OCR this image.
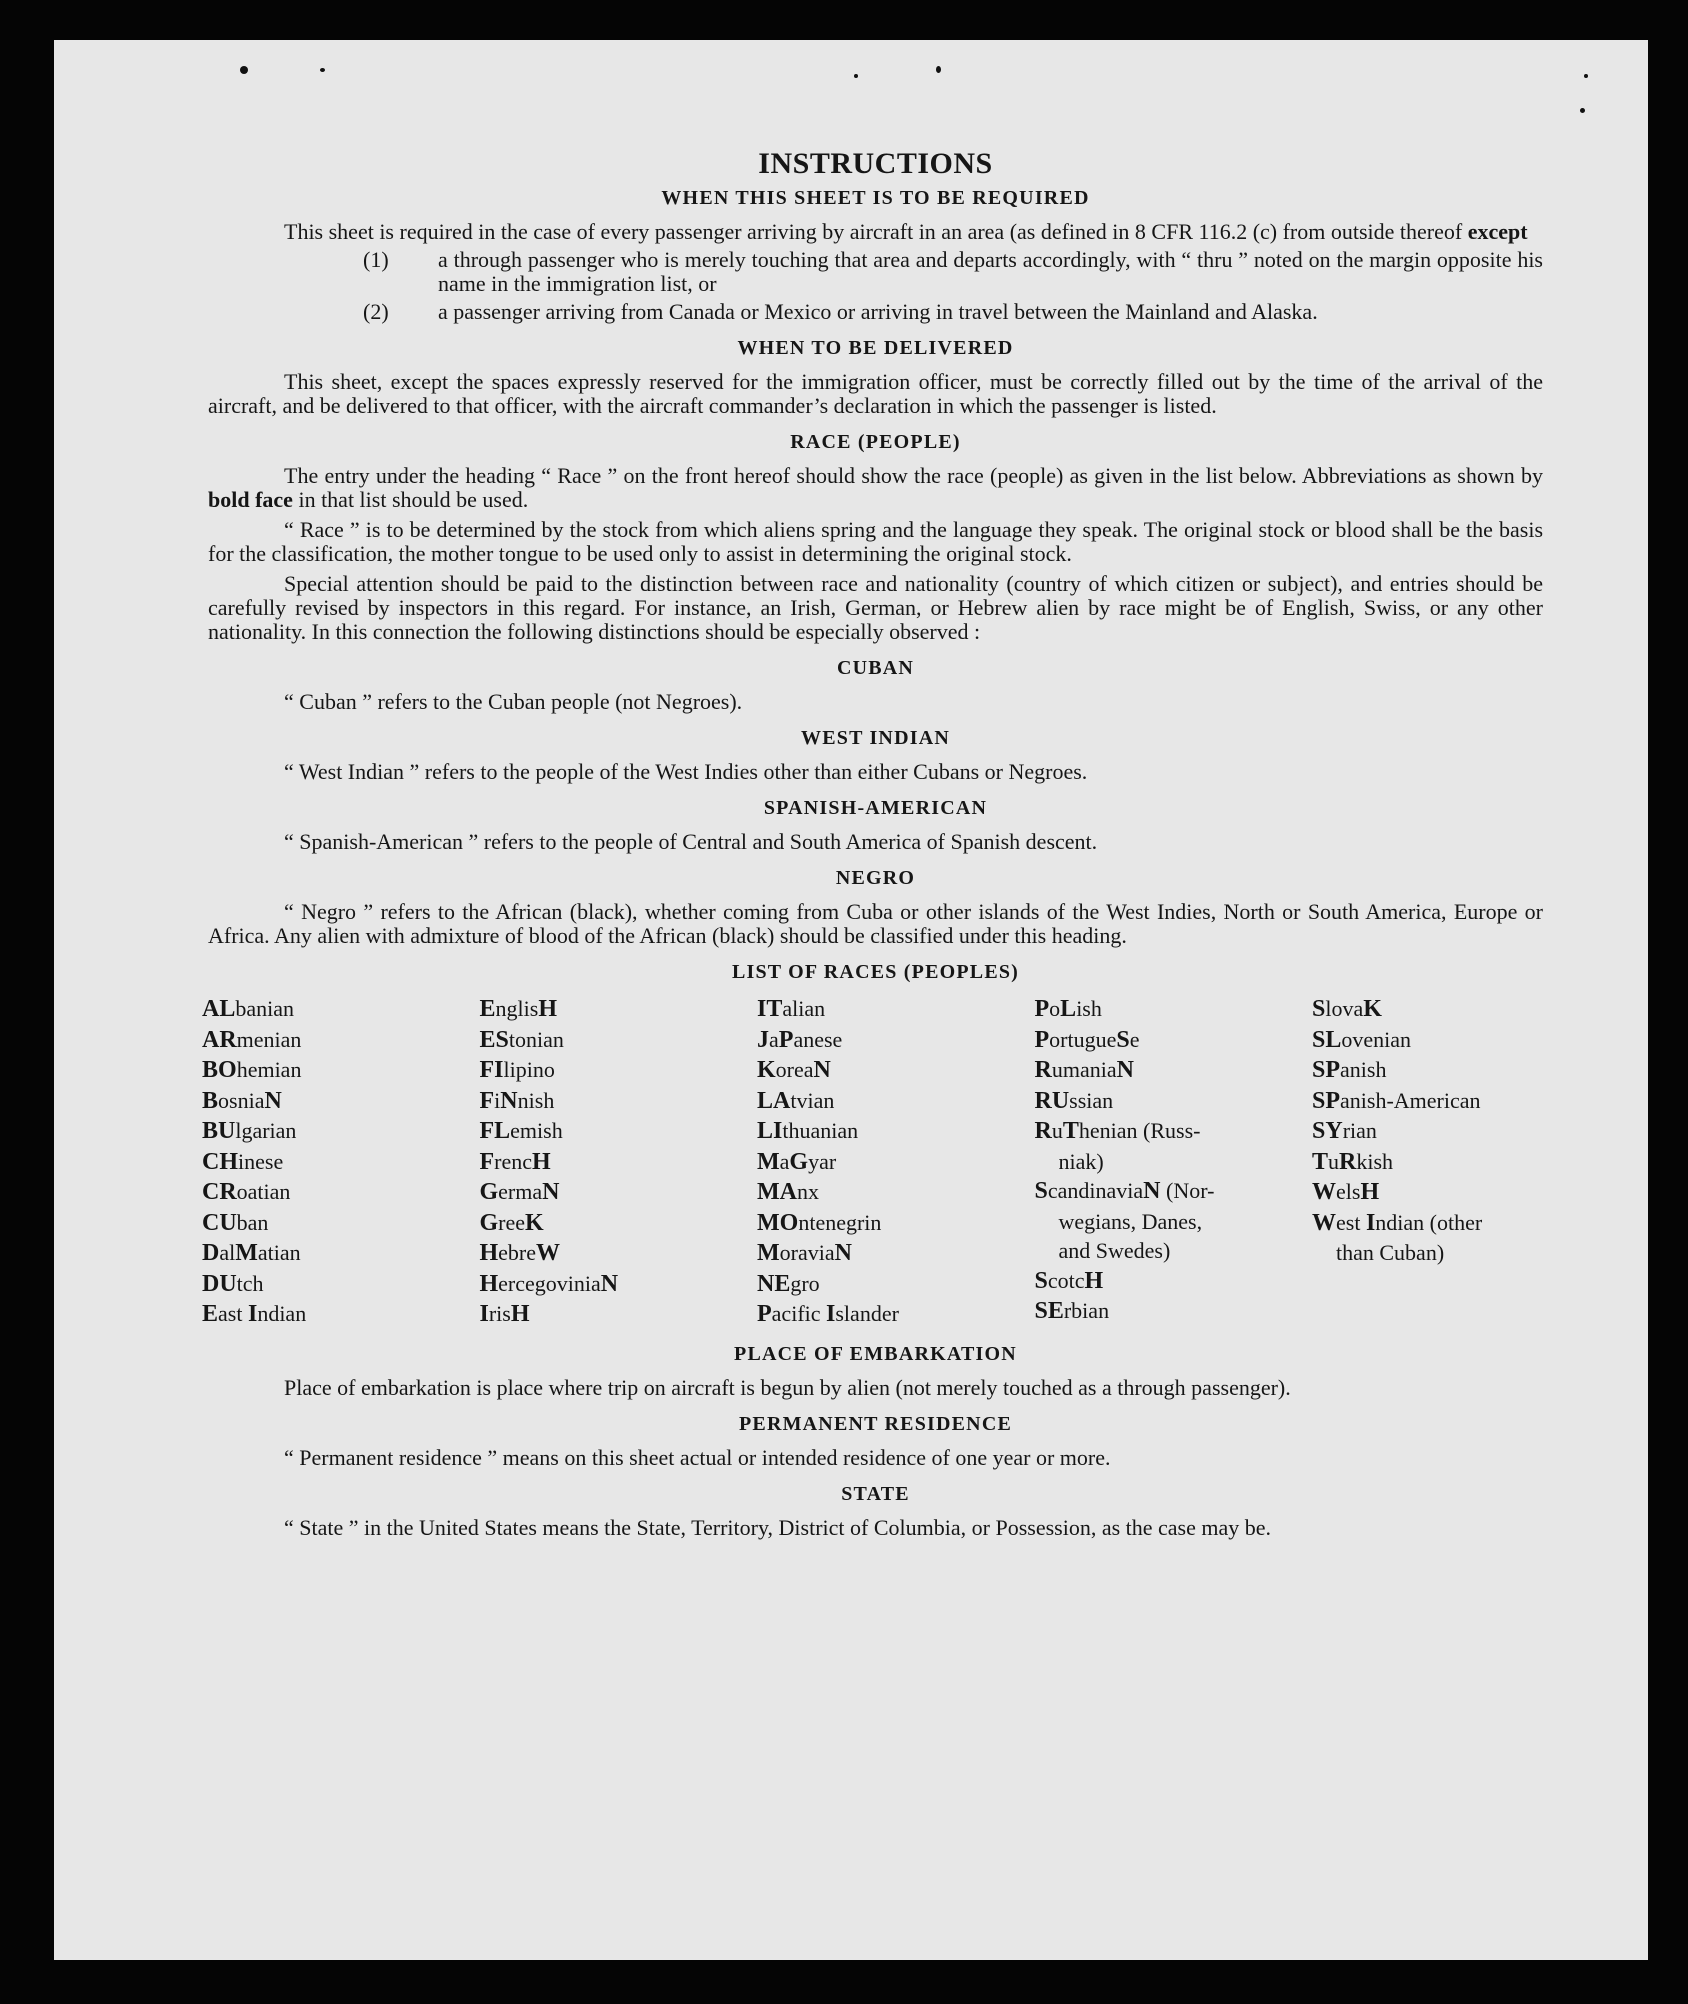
INSTRUCTIONS
WHEN THIS SHEET IS TO BE REQUIRED

This sheet is required in the case of every passenger arriving by aircraft in an area (as defined in 8 CFR 116.2 (c) from outside thereof except

(1) a through passenger who is merely touching that area and departs accordingly, with “ thru ” noted on the margin opposite his name in the immigration list, or
(2) a passenger arriving from Canada or Mexico or arriving in travel between the Mainland and Alaska.
WHEN TO BE DELIVERED

This sheet, except the spaces expressly reserved for the immigration officer, must be correctly filled out by the time of the arrival of the aircraft, and be delivered to that officer, with the aircraft commander’s declaration in which the passenger is listed.

RACE (PEOPLE)

The entry under the heading “ Race ” on the front hereof should show the race (people) as given in the list below. Abbreviations as shown by bold face in that list should be used.

“ Race ” is to be determined by the stock from which aliens spring and the language they speak. The original stock or blood shall be the basis for the classification, the mother tongue to be used only to assist in determining the original stock.

Special attention should be paid to the distinction between race and nationality (country of which citizen or subject), and entries should be carefully revised by inspectors in this regard. For instance, an Irish, German, or Hebrew alien by race might be of English, Swiss, or any other nationality. In this connection the following distinctions should be especially observed :

CUBAN

“ Cuban ” refers to the Cuban people (not Negroes).

WEST INDIAN

“ West Indian ” refers to the people of the West Indies other than either Cubans or Negroes.

SPANISH-AMERICAN

“ Spanish-American ” refers to the people of Central and South America of Spanish descent.

NEGRO

“ Negro ” refers to the African (black), whether coming from Cuba or other islands of the West Indies, North or South America, Europe or Africa. Any alien with admixture of blood of the African (black) should be classified under this heading.

LIST OF RACES (PEOPLES)
ALbanian
ARmenian
BOhemian
BosniaN
BUlgarian
CHinese
CRoatian
CUban
DalMatian
DUtch
East Indian
EnglisH
EStonian
FIlipino
FiNnish
FLemish
FrencH
GermaN
GreeK
HebreW
HercegoviniaN
IrisH
ITalian
JaPanese
KoreaN
LAtvian
LIthuanian
MaGyar
MAnx
MOntenegrin
MoraviaN
NEgro
Pacific Islander
PoLish
PortugueSe
RumaniaN
RUssian
RuThenian (Russ-
niak)
ScandinaviaN (Nor-
wegians, Danes,
and Swedes)
ScotcH
SErbian
SlovaK
SLovenian
SPanish
SPanish-American
SYrian
TuRkish
WelsH
West Indian (other
than Cuban)
PLACE OF EMBARKATION

Place of embarkation is place where trip on aircraft is begun by alien (not merely touched as a through passenger).

PERMANENT RESIDENCE

“ Permanent residence ” means on this sheet actual or intended residence of one year or more.

STATE

“ State ” in the United States means the State, Territory, District of Columbia, or Possession, as the case may be.
